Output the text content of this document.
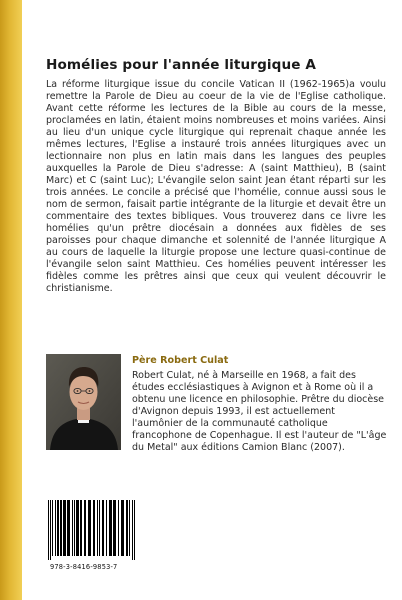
Homélies pour l'année liturgique A

La réforme liturgique issue du concile Vatican II (1962-1965)a voulu remettre la Parole de Dieu au coeur de la vie de l'Eglise catholique. Avant cette réforme les lectures de la Bible au cours de la messe, proclamées en latin, étaient moins nombreuses et moins variées. Ainsi au lieu d'un unique cycle liturgique qui reprenait chaque année les mêmes lectures, l'Eglise a instauré trois années liturgiques avec un lectionnaire non plus en latin mais dans les langues des peuples auxquelles la Parole de Dieu s'adresse: A (saint Matthieu), B (saint Marc) et C (saint Luc); L'évangile selon saint Jean étant réparti sur les trois années. Le concile a précisé que l'homélie, connue aussi sous le nom de sermon, faisait partie intégrante de la liturgie et devait être un commentaire des textes bibliques. Vous trouverez dans ce livre les homélies qu'un prêtre diocésain a données aux fidèles de ses paroisses pour chaque dimanche et solennité de l'année liturgique A au cours de laquelle la liturgie propose une lecture quasi-continue de l'évangile selon saint Matthieu. Ces homélies peuvent intéresser les fidèles comme les prêtres ainsi que ceux qui veulent découvrir le christianisme.

Père Robert Culat

Robert Culat, né à Marseille en 1968, a fait des études ecclésiastiques à Avignon et à Rome où il a obtenu une licence en philosophie. Prêtre du diocèse d'Avignon depuis 1993, il est actuellement l'aumônier de la communauté catholique francophone de Copenhague. Il est l'auteur de "L'âge du Metal" aux éditions Camion Blanc (2007).

978-3-8416-9853-7
